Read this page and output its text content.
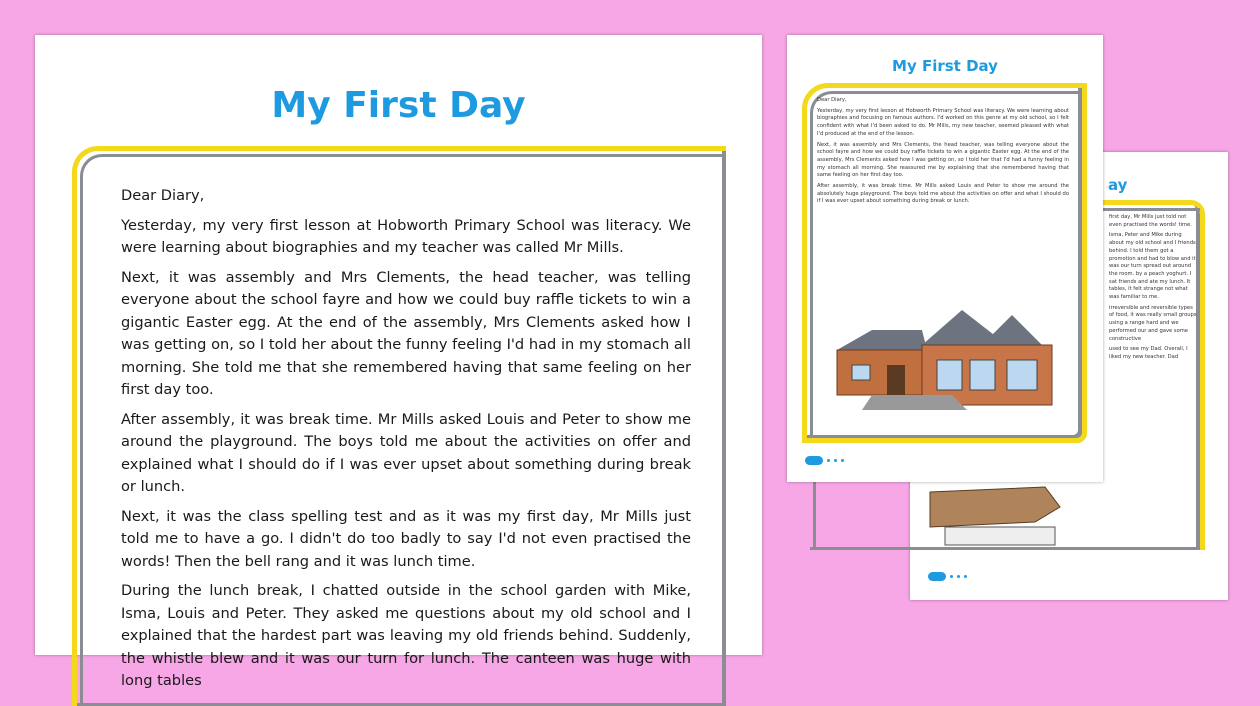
My First Day

Dear Diary,

Yesterday, my very first lesson at Hobworth Primary School was literacy. We were learning about biographies and my teacher was called Mr Mills.

Next, it was assembly and Mrs Clements, the head teacher, was telling everyone about the school fayre and how we could buy raffle tickets to win a gigantic Easter egg. At the end of the assembly, Mrs Clements asked how I was getting on, so I told her about the funny feeling I'd had in my stomach all morning. She told me that she remembered having that same feeling on her first day too.

After assembly, it was break time. Mr Mills asked Louis and Peter to show me around the playground. The boys told me about the activities on offer and explained what I should do if I was ever upset about something during break or lunch.

Next, it was the class spelling test and as it was my first day, Mr Mills just told me to have a go. I didn't do too badly to say I'd not even practised the words! Then the bell rang and it was lunch time.

During the lunch break, I chatted outside in the school garden with Mike, Isma, Louis and Peter. They asked me questions about my old school and I explained that the hardest part was leaving my old friends behind. Suddenly, the whistle blew and it was our turn for lunch. The canteen was huge with long tables

ay

first day, Mr Mills just told not even practised the words! time.

Isma, Peter and Mike during about my old school and I friends behind. I told them got a promotion and had to blow and it was our turn spread out around the room. by a peach yoghurt. I sat friends and ate my lunch. It tables, it felt strange not what was familiar to me.

irreversible and reversible types of food, it was really small groups using a range hard and we performed our and gave some constructive

used to see my Dad. Overall, I liked my new teacher. Dad

My First Day

Dear Diary,

Yesterday, my very first lesson at Hobworth Primary School was literacy. We were learning about biographies and focusing on famous authors. I'd worked on this genre at my old school, so I felt confident with what I'd been asked to do. Mr Mills, my new teacher, seemed pleased with what I'd produced at the end of the lesson.

Next, it was assembly and Mrs Clements, the head teacher, was telling everyone about the school fayre and how we could buy raffle tickets to win a gigantic Easter egg. At the end of the assembly, Mrs Clements asked how I was getting on, so I told her that I'd had a funny feeling in my stomach all morning. She reassured me by explaining that she remembered having that same feeling on her first day too.

After assembly, it was break time. Mr Mills asked Louis and Peter to show me around the absolutely huge playground. The boys told me about the activities on offer and what I should do if I was ever upset about something during break or lunch.
